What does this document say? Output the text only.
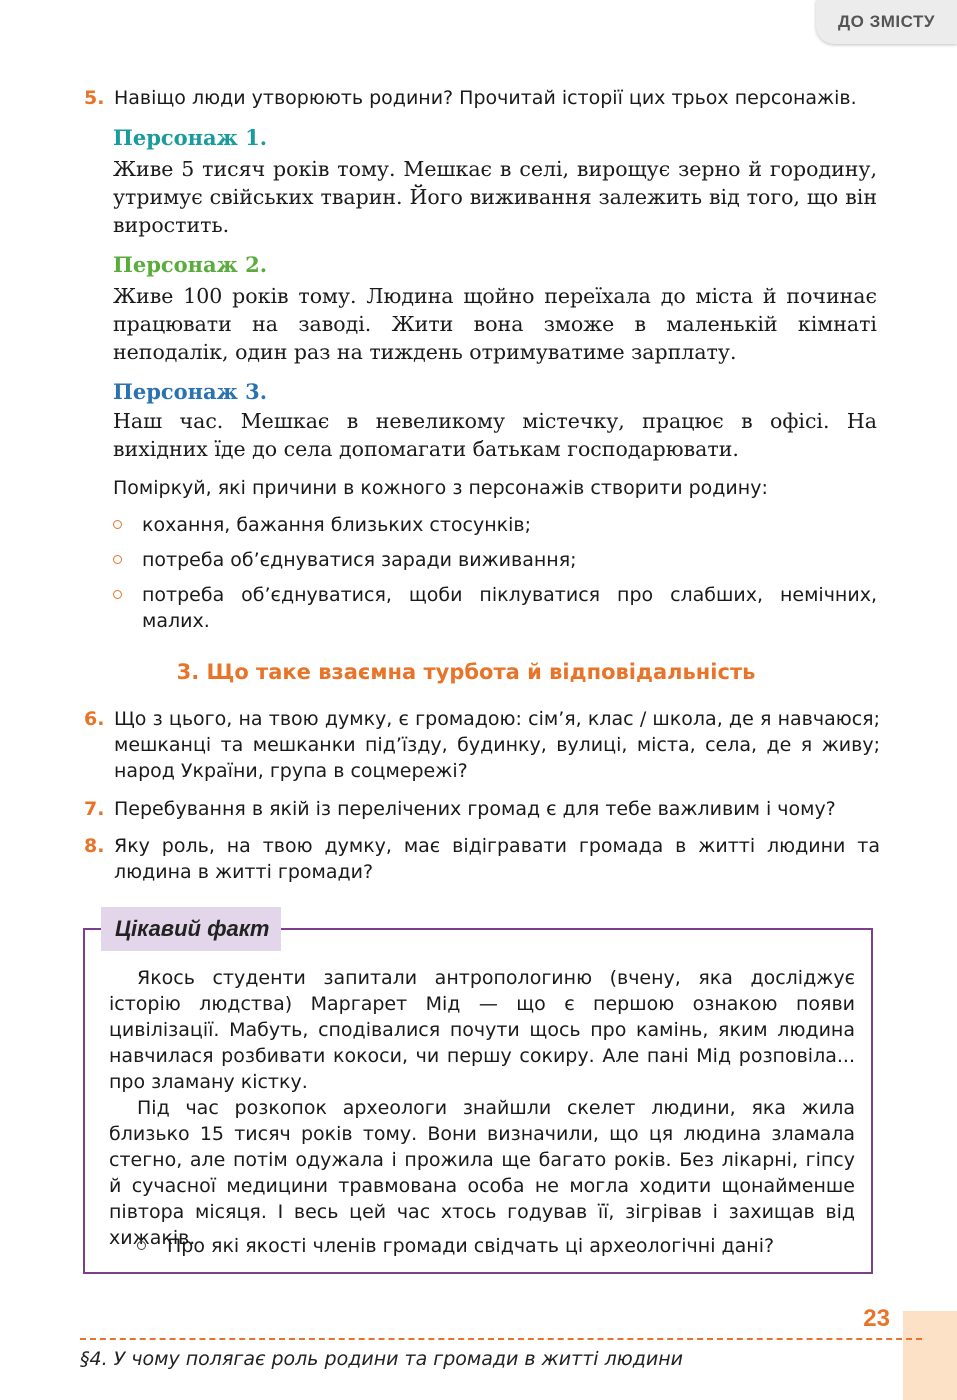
ДО ЗМІСТУ
5. Навіщо люди утворюють родини? Прочитай історії цих трьох персонажів.
Персонаж 1.
Живе 5 тисяч років тому. Мешкає в селі, вирощує зерно й городину, утримує свійських тварин. Його виживання залежить від того, що він виростить.
Персонаж 2.
Живе 100 років тому. Людина щойно переїхала до міста й починає працювати на заводі. Жити вона зможе в маленькій кімнаті неподалік, один раз на тиждень отримуватиме зарплату.
Персонаж 3.
Наш час. Мешкає в невеликому містечку, працює в офісі. На вихідних їде до села допомагати батькам господарювати.
Поміркуй, які причини в кожного з персонажів створити родину:
кохання, бажання близьких стосунків;
потреба об’єднуватися заради виживання;
потреба об’єднуватися, щоби піклуватися про слабших, немічних, малих.
3. Що таке взаємна турбота й відповідальність
6. Що з цього, на твою думку, є громадою: сім’я, клас / школа, де я навчаюся; мешканці та мешканки під’їзду, будинку, вулиці, міста, села, де я живу; народ України, група в соцмережі?
7. Перебування в якій із перелічених громад є для тебе важливим і чому?
8. Яку роль, на твою думку, має відігравати громада в житті людини та людина в житті громади?
Цікавий факт

Якось студенти запитали антропологиню (вчену, яка досліджує історію людства) Маргарет Мід — що є першою ознакою появи цивілізації. Мабуть, сподівалися почути щось про камінь, яким людина навчилася розбивати кокоси, чи першу сокиру. Але пані Мід розповіла... про зламану кістку.

Під час розкопок археологи знайшли скелет людини, яка жила близько 15 тисяч років тому. Вони визначили, що ця людина зламала стегно, але потім одужала і прожила ще багато років. Без лікарні, гіпсу й сучасної медицини травмована особа не могла ходити щонайменше півтора місяця. І весь цей час хтось годував її, зігрівав і захищав від хижаків.

Про які якості членів громади свідчать ці археологічні дані?
23
§4. У чому полягає роль родини та громади в житті людини
